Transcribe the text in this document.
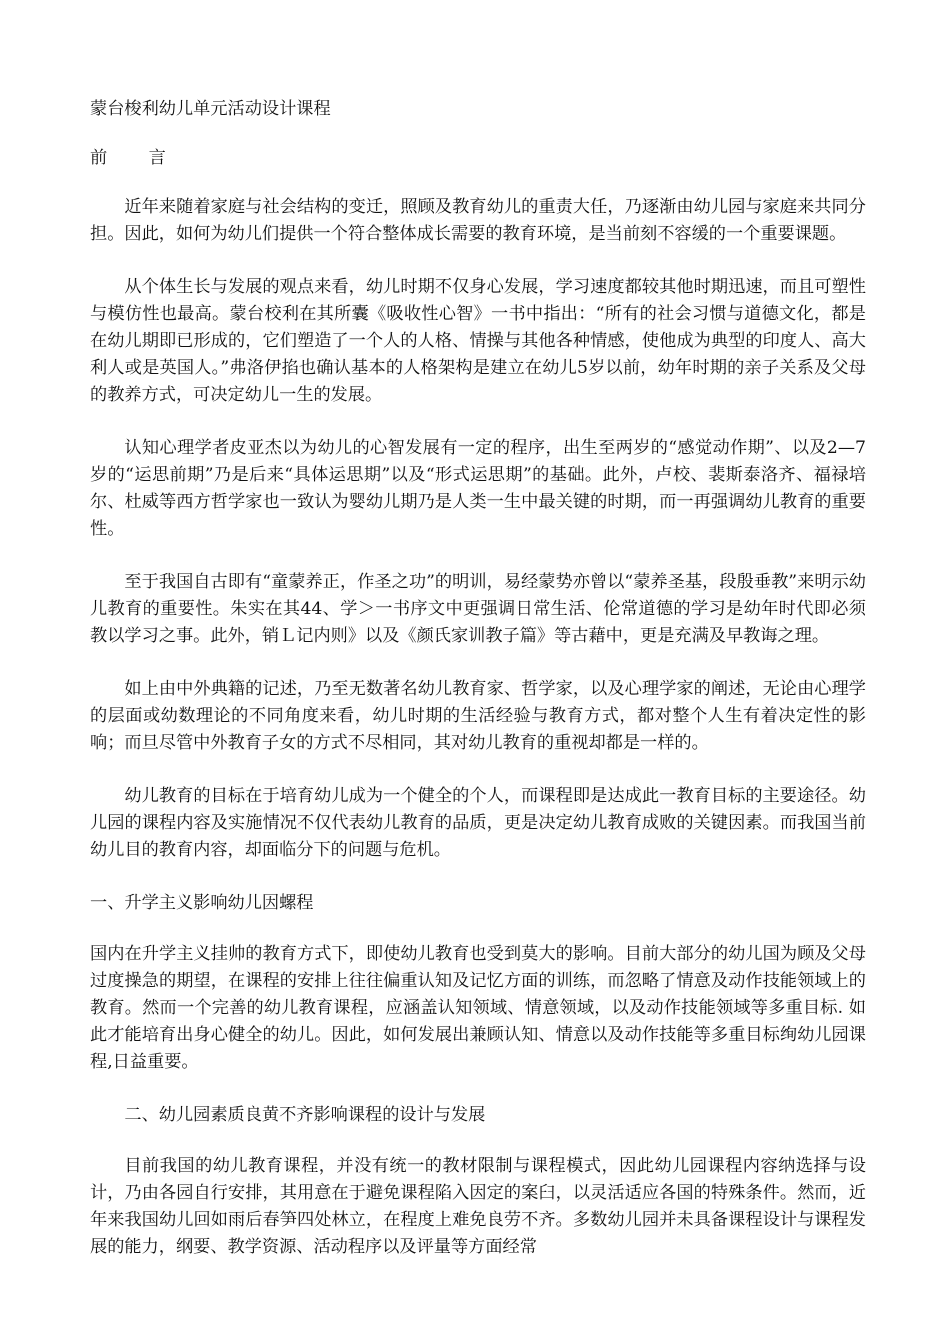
蒙台梭利幼儿单元活动设计课程

前 言

近年来随着家庭与社会结构的变迁，照顾及教育幼儿的重责大任，乃逐渐由幼儿园与家庭来共同分担。因此，如何为幼儿们提供一个符合整体成长需要的教育环境，是当前刻不容缓的一个重要课题。

从个体生长与发展的观点来看，幼儿时期不仅身心发展，学习速度都较其他时期迅速，而且可塑性与模仿性也最高。蒙台校利在其所囊《吸收性心智》一书中指出：“所有的社会习惯与道德文化，都是在幼儿期即已形成的，它们塑造了一个人的人格、情操与其他各种情感，使他成为典型的印度人、高大利人或是英国人。”弗洛伊掐也确认基本的人格架构是建立在幼儿5岁以前，幼年时期的亲子关系及父母的教养方式，可决定幼儿一生的发展。

认知心理学者皮亚杰以为幼儿的心智发展有一定的程序，出生至两岁的“感觉动作期”、以及2—7岁的“运思前期”乃是后来“具体运思期”以及“形式运思期”的基础。此外，卢校、裴斯泰洛齐、福禄培尔、杜威等西方哲学家也一致认为婴幼儿期乃是人类一生中最关键的时期，而一再强调幼儿教育的重要性。

至于我国自古即有“童蒙养正，作圣之功”的明训，易经蒙势亦曾以“蒙养圣基，段殷垂教”来明示幼儿教育的重要性。朱实在其44、学＞一书序文中更强调日常生活、伦常道德的学习是幼年时代即必须教以学习之事。此外，销Ｌ记内则》以及《颜氏家训教子篇》等古藉中，更是充满及早教诲之理。

如上由中外典籍的记述，乃至无数著名幼儿教育家、哲学家，以及心理学家的阐述，无论由心理学的层面或幼数理论的不同角度来看，幼儿时期的生活经验与教育方式，都对整个人生有着决定性的影响；而旦尽管中外教育子女的方式不尽相同，其对幼儿教育的重视却都是一样的。

幼儿教育的目标在于培育幼儿成为一个健全的个人，而课程即是达成此一教育目标的主要途径。幼儿园的课程内容及实施情况不仅代表幼儿教育的品质，更是决定幼儿教育成败的关键因素。而我国当前幼儿目的教育内容，却面临分下的问题与危机。

一、升学主义影响幼儿因螺程

国内在升学主义挂帅的教育方式下，即使幼儿教育也受到莫大的影响。目前大部分的幼儿国为顾及父母过度操急的期望，在课程的安排上往往偏重认知及记忆方面的训练，而忽略了情意及动作技能领域上的教育。然而一个完善的幼儿教育课程，应涵盖认知领域、情意领域，以及动作技能领域等多重目标. 如此才能培育出身心健全的幼儿。因此，如何发展出兼顾认知、情意以及动作技能等多重目标绚幼儿园课程,日益重要。

二、幼儿园素质良黄不齐影响课程的设计与发展

目前我国的幼儿教育课程，并没有统一的教材限制与课程模式，因此幼儿园课程内容纳选择与设计，乃由各园自行安排，其用意在于避免课程陷入因定的案臼，以灵活适应各国的特殊条件。然而，近年来我国幼儿回如雨后春笋四处林立，在程度上难免良劳不齐。多数幼儿园并未具备课程设计与课程发展的能力，纲要、教学资源、活动程序以及评量等方面经常
